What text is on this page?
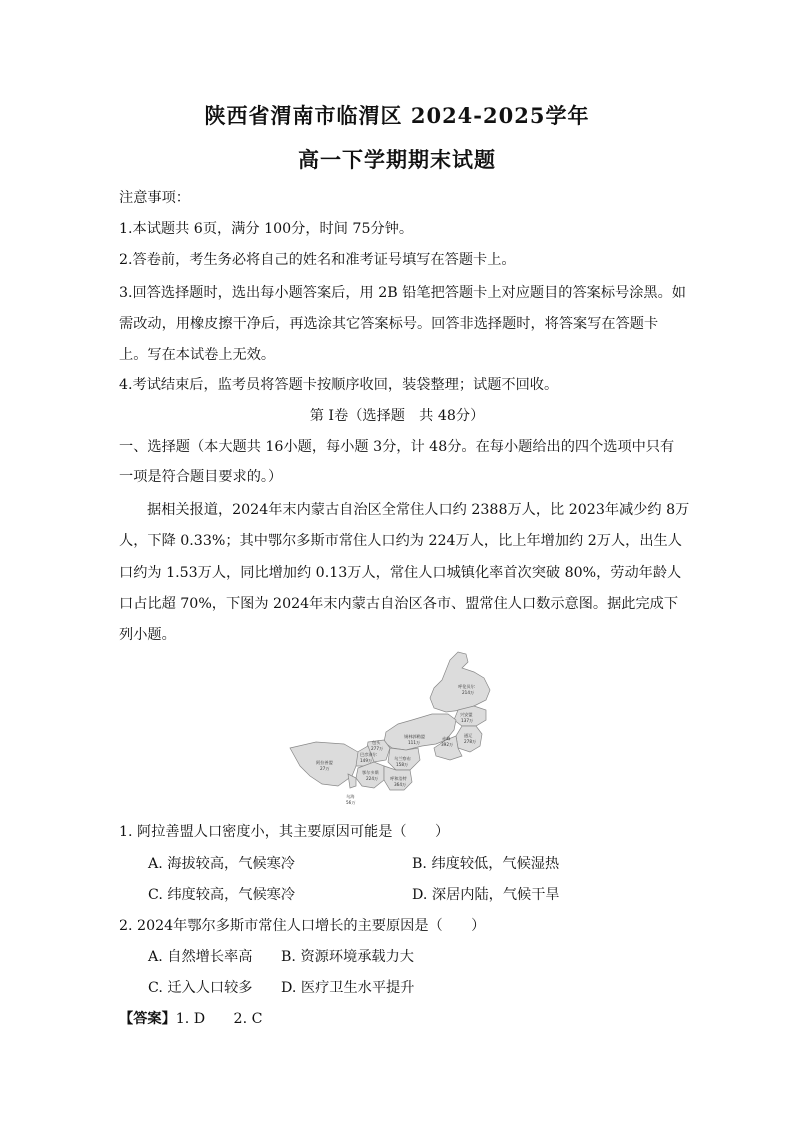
陕西省渭南市临渭区 2024-2025学年
高一下学期期末试题
注意事项：
1.本试题共 6页，满分 100分，时间 75分钟。
2.答卷前，考生务必将自己的姓名和准考证号填写在答题卡上。
3.回答选择题时，选出每小题答案后，用 2B 铅笔把答题卡上对应题目的答案标号涂黑。如
需改动，用橡皮擦干净后，再选涂其它答案标号。回答非选择题时，将答案写在答题卡
上。写在本试卷上无效。
4.考试结束后，监考员将答题卡按顺序收回，装袋整理；试题不回收。
第 I卷（选择题　共 48分）
一、选择题（本大题共 16小题，每小题 3分，计 48分。在每小题给出的四个选项中只有
一项是符合题目要求的。）
据相关报道，2024年末内蒙古自治区全常住人口约 2388万人，比 2023年减少约 8万
人，下降 0.33%；其中鄂尔多斯市常住人口约为 224万人，比上年增加约 2万人，出生人
口约为 1.53万人，同比增加约 0.13万人，常住人口城镇化率首次突破 80%，劳动年龄人
口占比超 70%，下图为 2024年末内蒙古自治区各市、盟常住人口数示意图。据此完成下
列小题。
呼伦贝尔
214万
兴安盟
137万
锡林郭勒盟
111万
通辽
278万
赤峰
392万
包头
277万
巴彦淖尔
149万	乌兰察布
158万
阿拉善盟
27万
鄂尔多斯
224万	呼和浩特
364万
乌海
56万
1. 阿拉善盟人口密度小，其主要原因可能是（　　）
A. 海拔较高，气候寒冷	B. 纬度较低，气候湿热
C. 纬度较高，气候寒冷	D. 深居内陆，气候干旱
2. 2024年鄂尔多斯市常住人口增长的主要原因是（　　）
A. 自然增长率高 B. 资源环境承载力大
C. 迁入人口较多 D. 医疗卫生水平提升
【答案】1. D　　2. C
